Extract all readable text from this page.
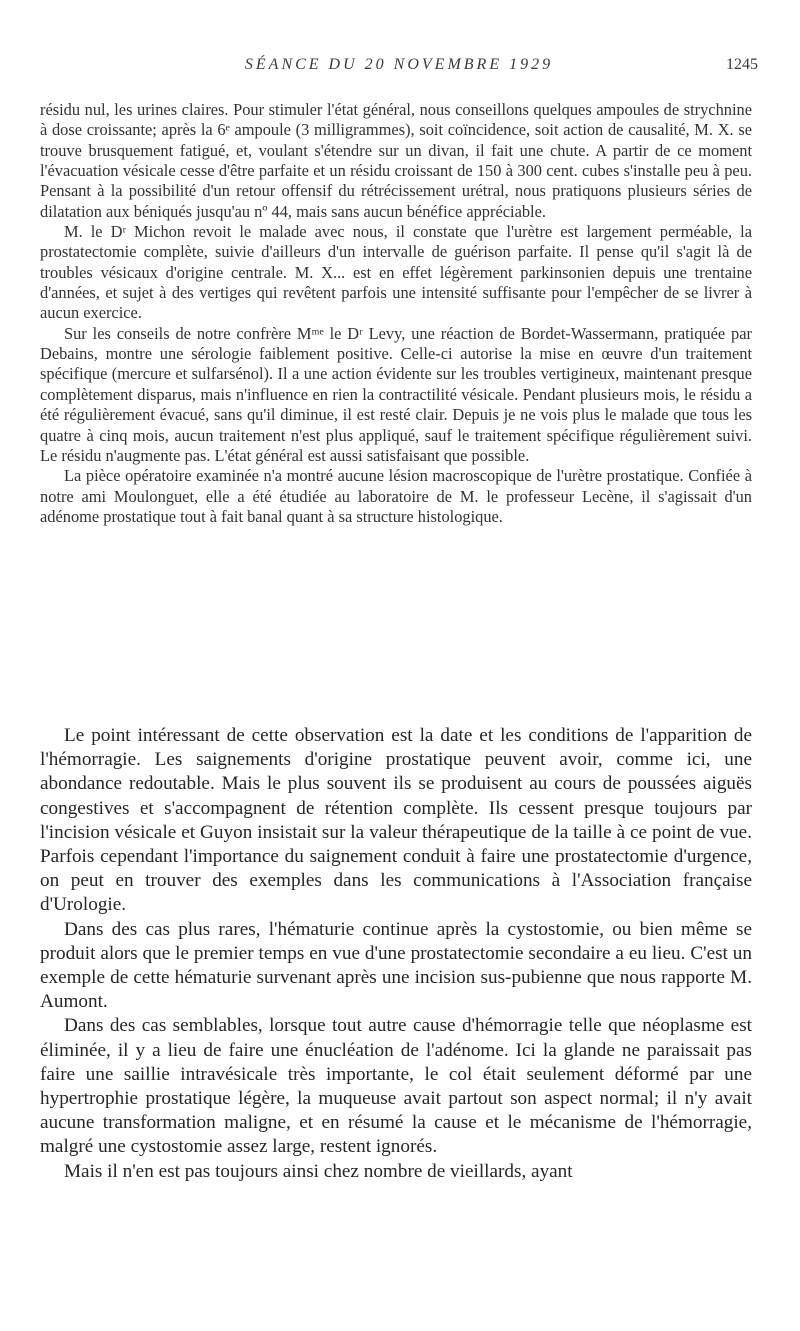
SÉANCE DU 20 NOVEMBRE 1929	1245

résidu nul, les urines claires. Pour stimuler l'état général, nous conseillons quelques ampoules de strychnine à dose croissante; après la 6ᵉ ampoule (3 milligrammes), soit coïncidence, soit action de causalité, M. X. se trouve brusquement fatigué, et, voulant s'étendre sur un divan, il fait une chute. A partir de ce moment l'évacuation vésicale cesse d'être parfaite et un résidu croissant de 150 à 300 cent. cubes s'installe peu à peu. Pensant à la possibilité d'un retour offensif du rétrécissement urétral, nous pratiquons plusieurs séries de dilatation aux béniqués jusqu'au nº 44, mais sans aucun bénéfice appréciable.

M. le Dʳ Michon revoit le malade avec nous, il constate que l'urètre est largement perméable, la prostatectomie complète, suivie d'ailleurs d'un intervalle de guérison parfaite. Il pense qu'il s'agit là de troubles vésicaux d'origine centrale. M. X... est en effet légèrement parkinsonien depuis une trentaine d'années, et sujet à des vertiges qui revêtent parfois une intensité suffisante pour l'empêcher de se livrer à aucun exercice.

Sur les conseils de notre confrère Mᵐᵉ le Dʳ Levy, une réaction de Bordet-Wassermann, pratiquée par Debains, montre une sérologie faiblement positive. Celle-ci autorise la mise en œuvre d'un traitement spécifique (mercure et sulfarsénol). Il a une action évidente sur les troubles vertigineux, maintenant presque complètement disparus, mais n'influence en rien la contractilité vésicale. Pendant plusieurs mois, le résidu a été régulièrement évacué, sans qu'il diminue, il est resté clair. Depuis je ne vois plus le malade que tous les quatre à cinq mois, aucun traitement n'est plus appliqué, sauf le traitement spécifique régulièrement suivi. Le résidu n'augmente pas. L'état général est aussi satisfaisant que possible.

La pièce opératoire examinée n'a montré aucune lésion macroscopique de l'urètre prostatique. Confiée à notre ami Moulonguet, elle a été étudiée au laboratoire de M. le professeur Lecène, il s'agissait d'un adénome prostatique tout à fait banal quant à sa structure histologique.

Le point intéressant de cette observation est la date et les conditions de l'apparition de l'hémorragie. Les saignements d'origine prostatique peuvent avoir, comme ici, une abondance redoutable. Mais le plus souvent ils se produisent au cours de poussées aiguës congestives et s'accompagnent de rétention complète. Ils cessent presque toujours par l'incision vésicale et Guyon insistait sur la valeur thérapeutique de la taille à ce point de vue. Parfois cependant l'importance du saignement conduit à faire une prostatectomie d'urgence, on peut en trouver des exemples dans les communications à l'Association française d'Urologie.

Dans des cas plus rares, l'hématurie continue après la cystostomie, ou bien même se produit alors que le premier temps en vue d'une prostatectomie secondaire a eu lieu. C'est un exemple de cette hématurie survenant après une incision sus-pubienne que nous rapporte M. Aumont.

Dans des cas semblables, lorsque tout autre cause d'hémorragie telle que néoplasme est éliminée, il y a lieu de faire une énucléation de l'adénome. Ici la glande ne paraissait pas faire une saillie intravésicale très importante, le col était seulement déformé par une hypertrophie prostatique légère, la muqueuse avait partout son aspect normal; il n'y avait aucune transformation maligne, et en résumé la cause et le mécanisme de l'hémorragie, malgré une cystostomie assez large, restent ignorés.

Mais il n'en est pas toujours ainsi chez nombre de vieillards, ayant
